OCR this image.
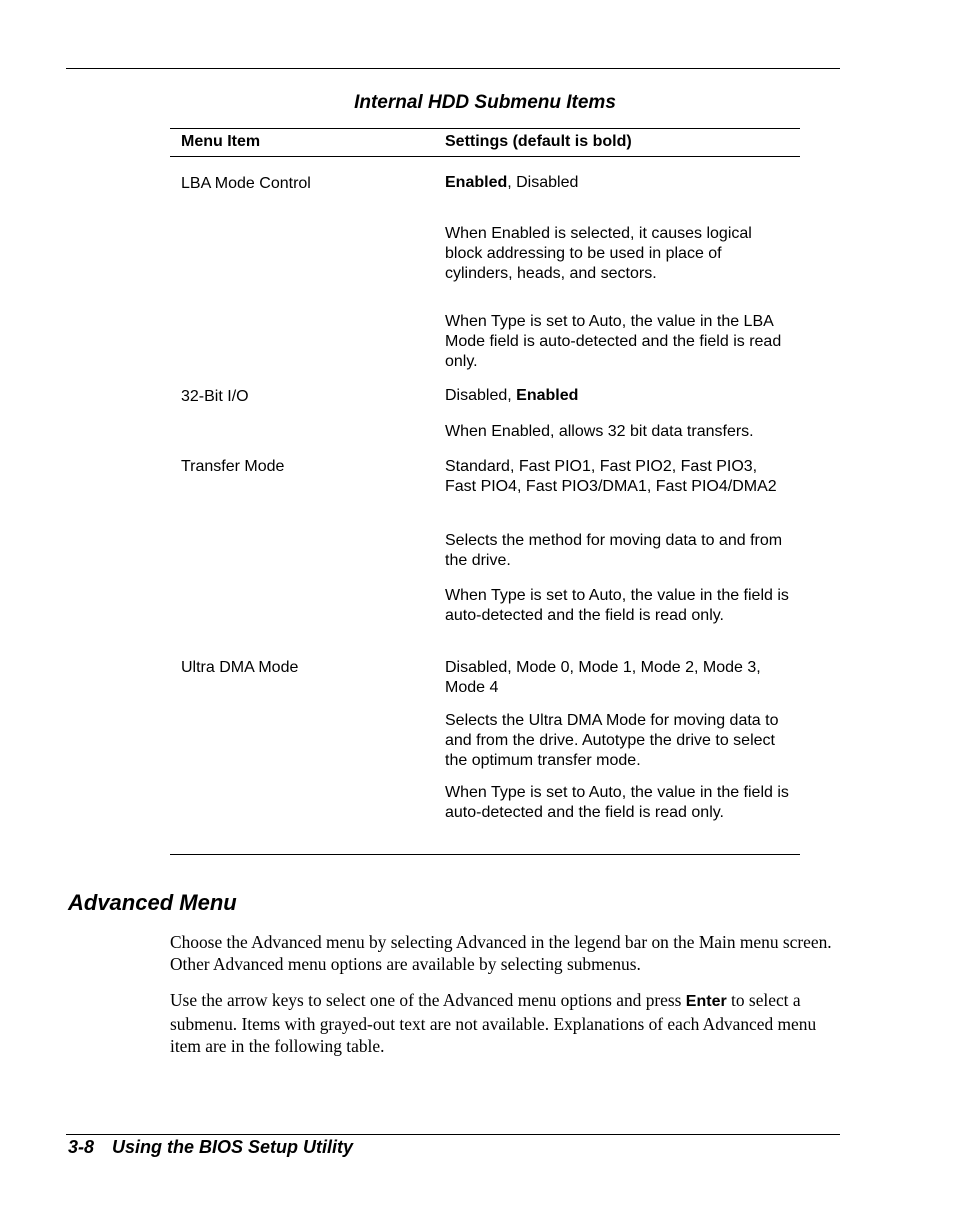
Internal HDD Submenu Items
Menu Item	Settings (default is bold)
LBA Mode Control	Enabled, Disabled
When Enabled is selected, it causes logical block addressing to be used in place of cylinders, heads, and sectors.
When Type is set to Auto, the value in the LBA Mode field is auto-detected and the field is read only.
32-Bit I/O	Disabled, Enabled
When Enabled, allows 32 bit data transfers.
Transfer Mode	Standard, Fast PIO1, Fast PIO2, Fast PIO3, Fast PIO4, Fast PIO3/DMA1, Fast PIO4/DMA2
Selects the method for moving data to and from the drive.
When Type is set to Auto, the value in the field is auto-detected and the field is read only.
Ultra DMA Mode	Disabled, Mode 0, Mode 1, Mode 2, Mode 3, Mode 4
Selects the Ultra DMA Mode for moving data to and from the drive. Autotype the drive to select the optimum transfer mode.
When Type is set to Auto, the value in the field is auto-detected and the field is read only.
Advanced Menu
Choose the Advanced menu by selecting Advanced in the legend bar on the Main menu screen. Other Advanced menu options are available by selecting submenus.
Use the arrow keys to select one of the Advanced menu options and press Enter to select a submenu. Items with grayed-out text are not available. Explanations of each Advanced menu item are in the following table.
3-8 Using the BIOS Setup Utility
